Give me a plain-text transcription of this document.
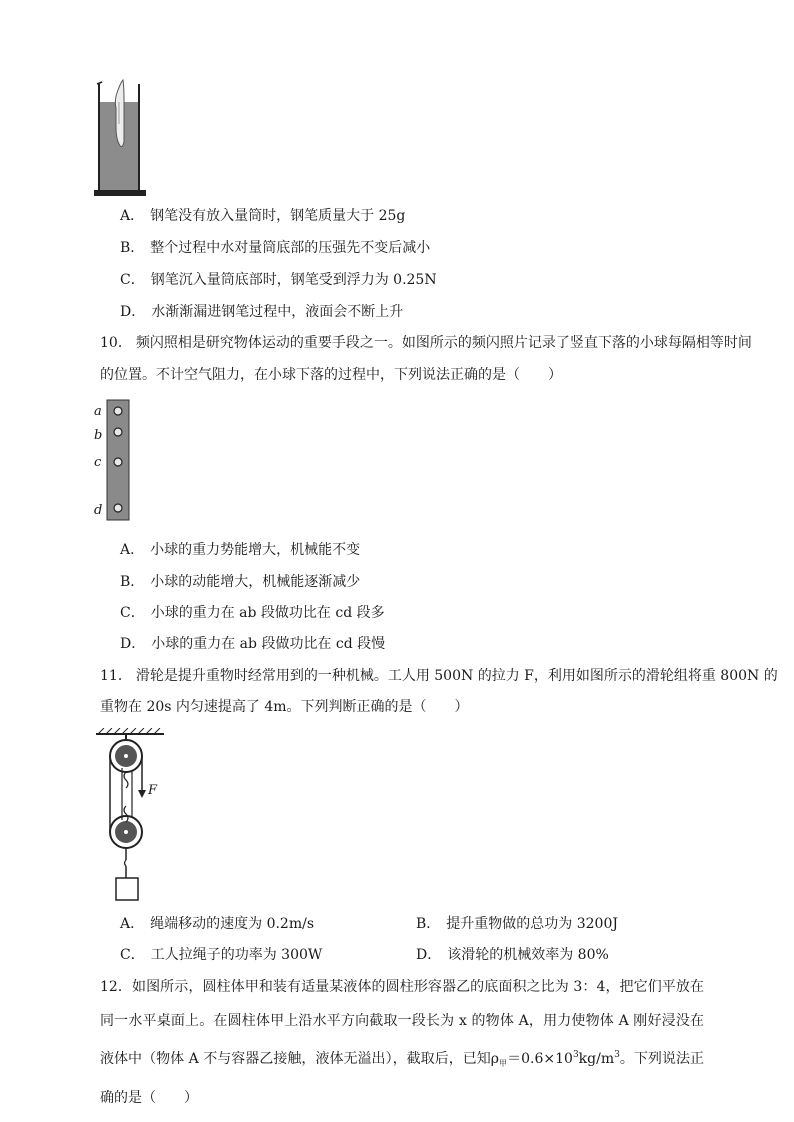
A． 钢笔没有放入量筒时，钢笔质量大于 25g
B． 整个过程中水对量筒底部的压强先不变后减小
C． 钢笔沉入量筒底部时，钢笔受到浮力为 0.25N
D． 水渐渐漏进钢笔过程中，液面会不断上升
10． 频闪照相是研究物体运动的重要手段之一。如图所示的频闪照片记录了竖直下落的小球每隔相等时间
的位置。不计空气阻力，在小球下落的过程中，下列说法正确的是（　　）
a
b
c
d
A． 小球的重力势能增大，机械能不变
B． 小球的动能增大，机械能逐渐减少
C． 小球的重力在 ab 段做功比在 cd 段多
D． 小球的重力在 ab 段做功比在 cd 段慢
11． 滑轮是提升重物时经常用到的一种机械。工人用 500N 的拉力 F，利用如图所示的滑轮组将重 800N 的
重物在 20s 内匀速提高了 4m。下列判断正确的是（　　）
F
A． 绳端移动的速度为 0.2m/s	B． 提升重物做的总功为 3200J
C． 工人拉绳子的功率为 300W	D． 该滑轮的机械效率为 80%
12．如图所示，圆柱体甲和装有适量某液体的圆柱形容器乙的底面积之比为 3：4，把它们平放在同一水平桌面上。在圆柱体甲上沿水平方向截取一段长为 x 的物体 A，用力使物体 A 刚好浸没在液体中（物体 A 不与容器乙接触，液体无溢出），截取后，已知$\rho_甲=0.6\times 10^3kg/m^3$。下列说法正确的是（　　）
